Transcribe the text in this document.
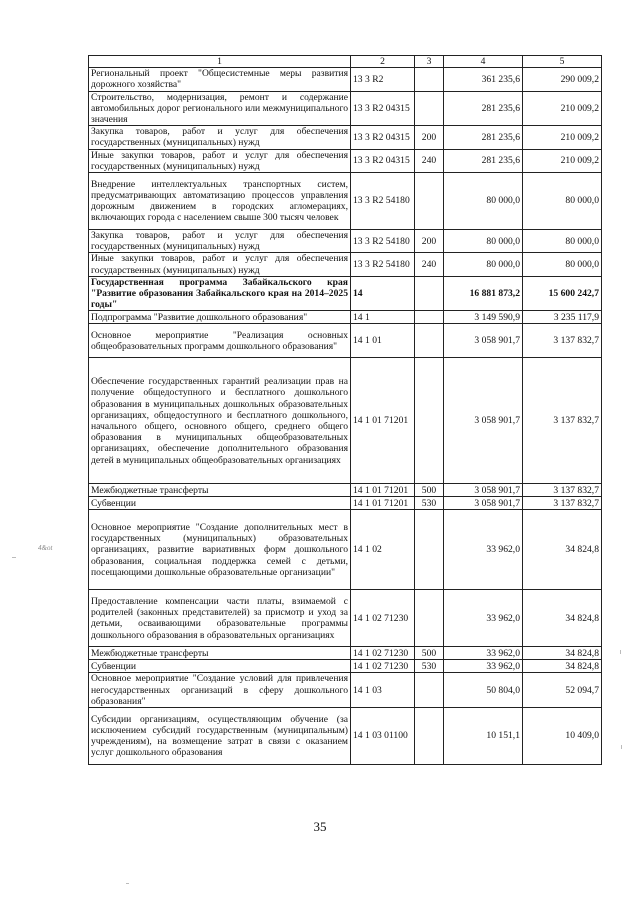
1	2	3	4	5
Региональный проект "Общесистемные меры развития дорожного хозяйства"	13 3 R2		361 235,6	290 009,2
Строительство, модернизация, ремонт и содержание автомобильных дорог регионального или межмуниципального значения	13 3 R2 04315		281 235,6	210 009,2
Закупка товаров, работ и услуг для обеспечения государственных (муниципальных) нужд	13 3 R2 04315	200	281 235,6	210 009,2
Иные закупки товаров, работ и услуг для обеспечения государственных (муниципальных) нужд	13 3 R2 04315	240	281 235,6	210 009,2
Внедрение интеллектуальных транспортных систем, предусматривающих автоматизацию процессов управления дорожным движением в городских агломерациях, включающих города с населением свыше 300 тысяч человек	13 3 R2 54180		80 000,0	80 000,0
Закупка товаров, работ и услуг для обеспечения государственных (муниципальных) нужд	13 3 R2 54180	200	80 000,0	80 000,0
Иные закупки товаров, работ и услуг для обеспечения государственных (муниципальных) нужд	13 3 R2 54180	240	80 000,0	80 000,0
Государственная программа Забайкальского края "Развитие образования Забайкальского края на 2014–2025 годы"	14		16 881 873,2	15 600 242,7
Подпрограмма "Развитие дошкольного образования"	14 1		3 149 590,9	3 235 117,9
Основное мероприятие "Реализация основных общеобразовательных программ дошкольного образования"	14 1 01		3 058 901,7	3 137 832,7
Обеспечение государственных гарантий реализации прав на получение общедоступного и бесплатного дошкольного образования в муниципальных дошкольных образовательных организациях, общедоступного и бесплатного дошкольного, начального общего, основного общего, среднего общего образования в муниципальных общеобразовательных организациях, обеспечение дополнительного образования детей в муниципальных общеобразовательных организациях	14 1 01 71201		3 058 901,7	3 137 832,7
Межбюджетные трансферты	14 1 01 71201	500	3 058 901,7	3 137 832,7
Субвенции	14 1 01 71201	530	3 058 901,7	3 137 832,7
Основное мероприятие "Создание дополнительных мест в государственных (муниципальных) образовательных организациях, развитие вариативных форм дошкольного образования, социальная поддержка семей с детьми, посещающими дошкольные образовательные организации"	14 1 02		33 962,0	34 824,8
Предоставление компенсации части платы, взимаемой с родителей (законных представителей) за присмотр и уход за детьми, осваивающими образовательные программы дошкольного образования в образовательных организациях	14 1 02 71230		33 962,0	34 824,8
Межбюджетные трансферты	14 1 02 71230	500	33 962,0	34 824,8
Субвенции	14 1 02 71230	530	33 962,0	34 824,8
Основное мероприятие "Создание условий для привлечения негосударственных организаций в сферу дошкольного образования"	14 1 03		50 804,0	52 094,7
Субсидии организациям, осуществляющим обучение (за исключением субсидий государственным (муниципальным) учреждениям), на возмещение затрат в связи с оказанием услуг дошкольного образования	14 1 03 01100		10 151,1	10 409,0
35
4&ot
